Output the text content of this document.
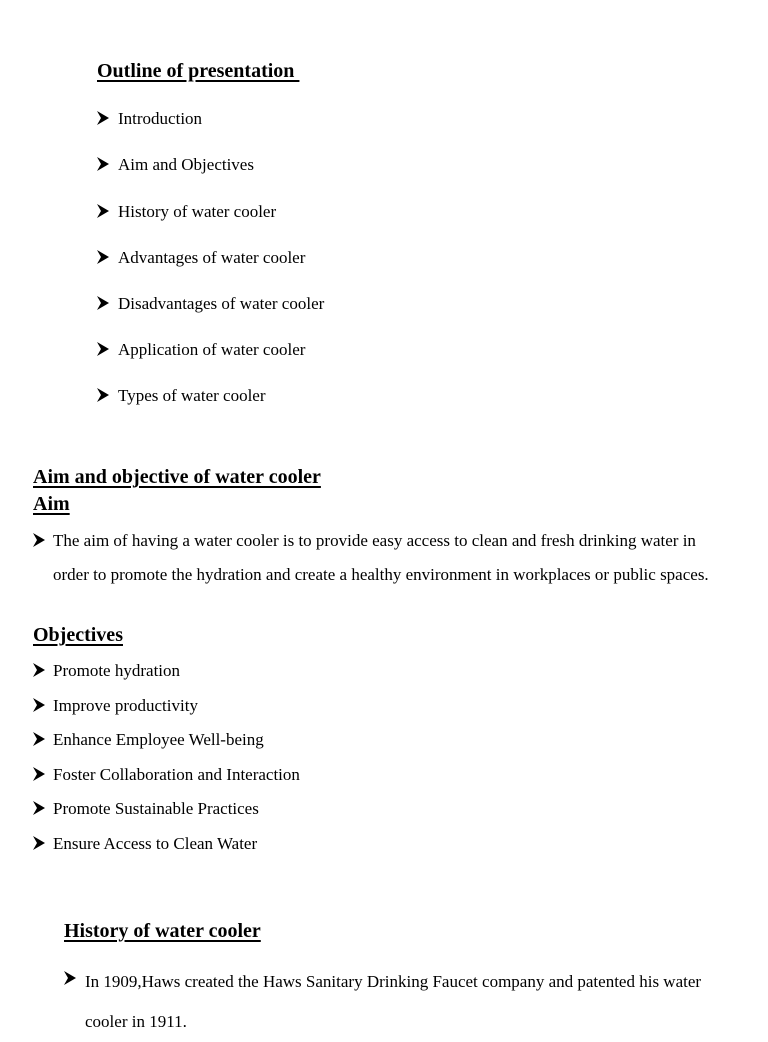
Outline of presentation
Introduction
Aim and Objectives
History of water cooler
Advantages of water cooler
Disadvantages of water cooler
Application of water cooler
Types of water cooler
Aim and objective of water cooler
Aim

The aim of having a water cooler is to provide easy access to clean and fresh drinking water in order to promote the hydration and create a healthy environment in workplaces or public spaces.

Objectives
Promote hydration
Improve productivity
Enhance Employee Well-being
Foster Collaboration and Interaction
Promote Sustainable Practices
Ensure Access to Clean Water
History of water cooler

In 1909,Haws created the Haws Sanitary Drinking Faucet company and patented his water cooler in 1911.
